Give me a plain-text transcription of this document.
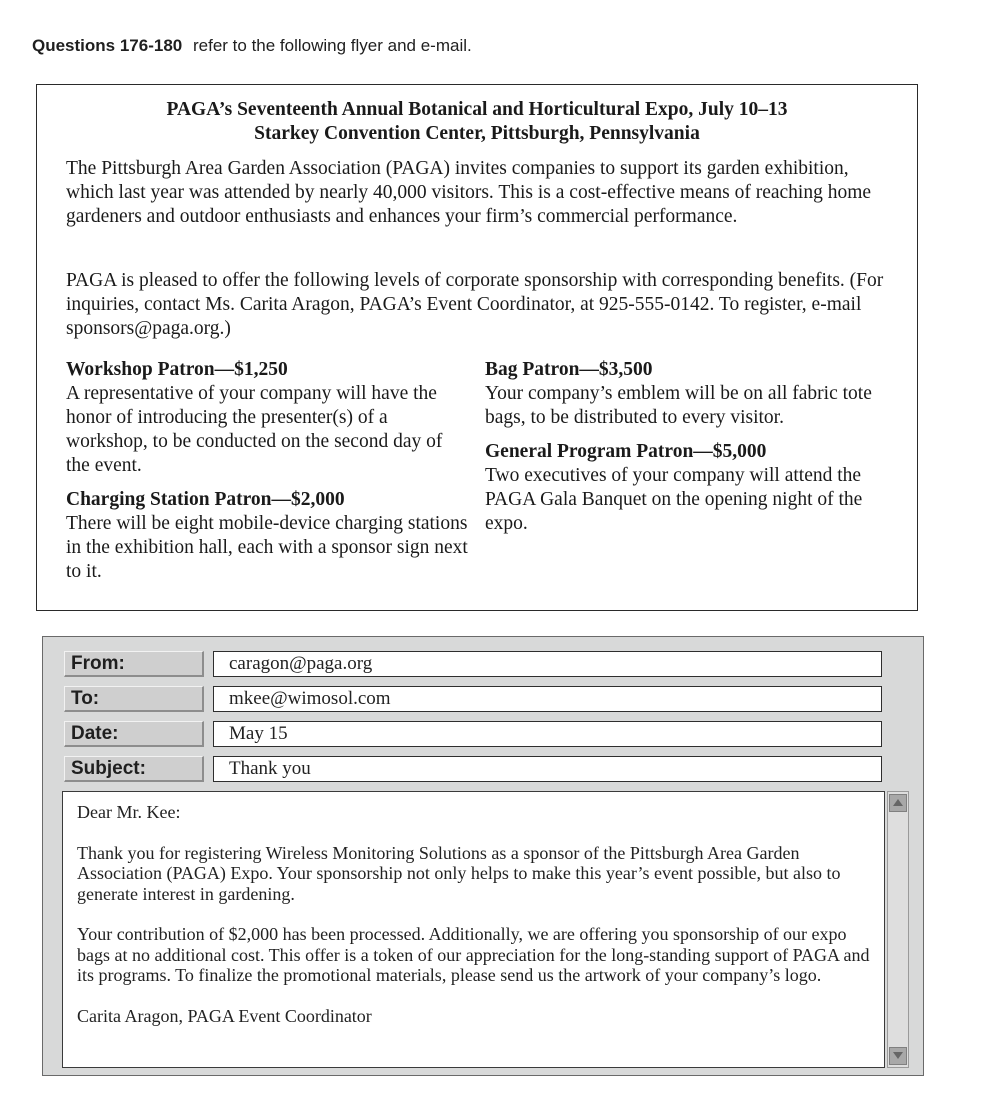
Questions 176-180 refer to the following flyer and e-mail.
PAGA’s Seventeenth Annual Botanical and Horticultural Expo, July 10–13
Starkey Convention Center, Pittsburgh, Pennsylvania

The Pittsburgh Area Garden Association (PAGA) invites companies to support its garden exhibition, which last year was attended by nearly 40,000 visitors. This is a cost-effective means of reaching home gardeners and outdoor enthusiasts and enhances your firm’s commercial performance.

PAGA is pleased to offer the following levels of corporate sponsorship with corresponding benefits. (For inquiries, contact Ms. Carita Aragon, PAGA’s Event Coordinator, at 925-555-0142. To register, e-mail sponsors@paga.org.)

Workshop Patron—$1,250
A representative of your company will have the honor of introducing the presenter(s) of a workshop, to be conducted on the second day of the event.
Charging Station Patron—$2,000
There will be eight mobile-device charging stations in the exhibition hall, each with a sponsor sign next to it.
Bag Patron—$3,500
Your company’s emblem will be on all fabric tote bags, to be distributed to every visitor.
General Program Patron—$5,000
Two executives of your company will attend the PAGA Gala Banquet on the opening night of the expo.
From:	caragon@paga.org
To:	mkee@wimosol.com
Date:	May 15
Subject:	Thank you

Dear Mr. Kee:

Thank you for registering Wireless Monitoring Solutions as a sponsor of the Pittsburgh Area Garden Association (PAGA) Expo. Your sponsorship not only helps to make this year’s event possible, but also to generate interest in gardening.

Your contribution of $2,000 has been processed. Additionally, we are offering you sponsorship of our expo bags at no additional cost. This offer is a token of our appreciation for the long-standing support of PAGA and its programs. To finalize the promotional materials, please send us the artwork of your company’s logo.

Carita Aragon, PAGA Event Coordinator
